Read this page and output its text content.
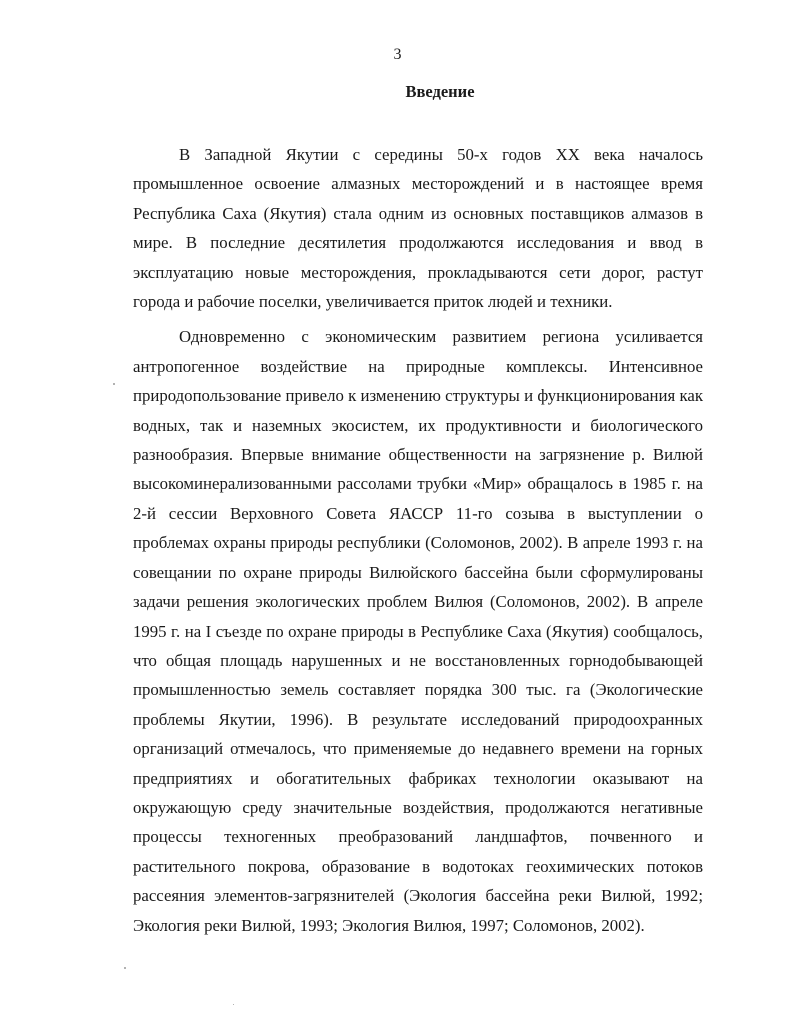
3
Введение

В Западной Якутии с середины 50-х годов XX века началось промышленное освоение алмазных месторождений и в настоящее время Республика Саха (Якутия) стала одним из основных поставщиков алмазов в мире. В последние десятилетия продолжаются исследования и ввод в эксплуатацию новые месторождения, прокладываются сети дорог, растут города и рабочие поселки, увеличивается приток людей и техники.

Одновременно с экономическим развитием региона усиливается антропогенное воздействие на природные комплексы. Интенсивное природопользование привело к изменению структуры и функционирования как водных, так и наземных экосистем, их продуктивности и биологического разнообразия. Впервые внимание общественности на загрязнение р. Вилюй высокоминерализованными рассолами трубки «Мир» обращалось в 1985 г. на 2-й сессии Верховного Совета ЯАССР 11-го созыва в выступлении о проблемах охраны природы республики (Соломонов, 2002). В апреле 1993 г. на совещании по охране природы Вилюйского бассейна были сформулированы задачи решения экологических проблем Вилюя (Соломонов, 2002). В апреле 1995 г. на I съезде по охране природы в Республике Саха (Якутия) сообщалось, что общая площадь нарушенных и не восстановленных горнодобывающей промышленностью земель составляет порядка 300 тыс. га (Экологические проблемы Якутии, 1996). В результате исследований природоохранных организаций отмечалось, что применяемые до недавнего времени на горных предприятиях и обогатительных фабриках технологии оказывают на окружающую среду значительные воздействия, продолжаются негативные процессы техногенных преобразований ландшафтов, почвенного и растительного покрова, образование в водотоках геохимических потоков рассеяния элементов-загрязнителей (Экология бассейна реки Вилюй, 1992; Экология реки Вилюй, 1993; Экология Вилюя, 1997; Соломонов, 2002).
